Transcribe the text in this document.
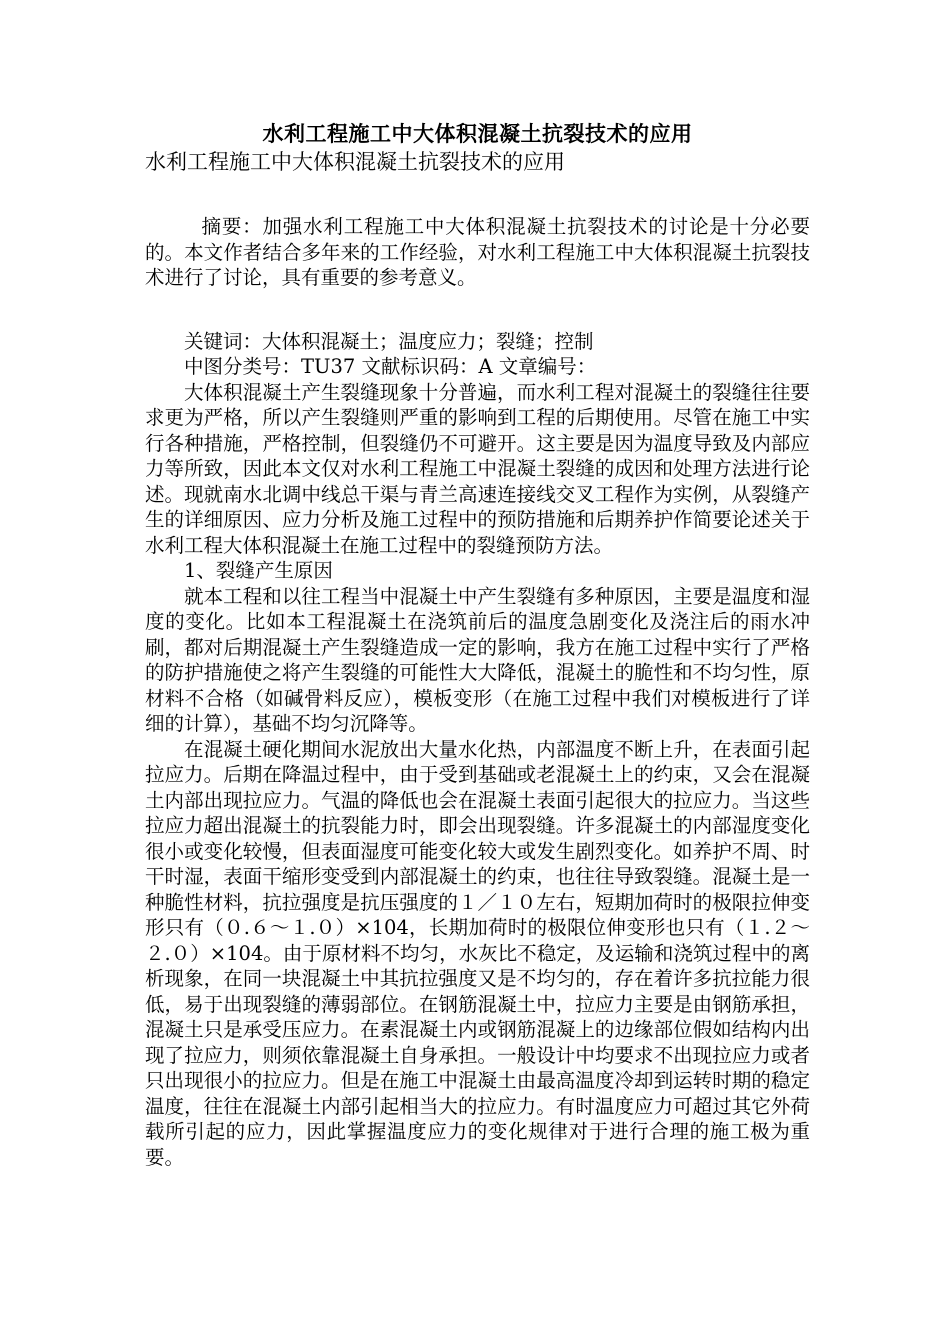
水利工程施工中大体积混凝土抗裂技术的应用

水利工程施工中大体积混凝土抗裂技术的应用

摘要：加强水利工程施工中大体积混凝土抗裂技术的讨论是十分必要的。本文作者结合多年来的工作经验，对水利工程施工中大体积混凝土抗裂技术进行了讨论，具有重要的参考意义。

关键词：大体积混凝土；温度应力；裂缝；控制

中图分类号：TU37 文献标识码：A 文章编号：

大体积混凝土产生裂缝现象十分普遍，而水利工程对混凝土的裂缝往往要求更为严格，所以产生裂缝则严重的影响到工程的后期使用。尽管在施工中实行各种措施，严格控制，但裂缝仍不可避开。这主要是因为温度导致及内部应力等所致，因此本文仅对水利工程施工中混凝土裂缝的成因和处理方法进行论述。现就南水北调中线总干渠与青兰高速连接线交叉工程作为实例，从裂缝产生的详细原因、应力分析及施工过程中的预防措施和后期养护作简要论述关于水利工程大体积混凝土在施工过程中的裂缝预防方法。

1、裂缝产生原因

就本工程和以往工程当中混凝土中产生裂缝有多种原因，主要是温度和湿度的变化。比如本工程混凝土在浇筑前后的温度急剧变化及浇注后的雨水冲刷，都对后期混凝土产生裂缝造成一定的影响，我方在施工过程中实行了严格的防护措施使之将产生裂缝的可能性大大降低，混凝土的脆性和不均匀性，原材料不合格（如碱骨料反应），模板变形（在施工过程中我们对模板进行了详细的计算），基础不均匀沉降等。

在混凝土硬化期间水泥放出大量水化热，内部温度不断上升，在表面引起拉应力。后期在降温过程中，由于受到基础或老混凝土上的约束，又会在混凝土内部出现拉应力。气温的降低也会在混凝土表面引起很大的拉应力。当这些拉应力超出混凝土的抗裂能力时，即会出现裂缝。许多混凝土的内部湿度变化很小或变化较慢，但表面湿度可能变化较大或发生剧烈变化。如养护不周、时干时湿，表面干缩形变受到内部混凝土的约束，也往往导致裂缝。混凝土是一种脆性材料，抗拉强度是抗压强度的１／１０左右，短期加荷时的极限拉伸变形只有（０.６～１.０）×104，长期加荷时的极限位伸变形也只有（１.２～２.０）×104。由于原材料不均匀，水灰比不稳定，及运输和浇筑过程中的离析现象，在同一块混凝土中其抗拉强度又是不均匀的，存在着许多抗拉能力很低，易于出现裂缝的薄弱部位。在钢筋混凝土中，拉应力主要是由钢筋承担，混凝土只是承受压应力。在素混凝土内或钢筋混凝上的边缘部位假如结构内出现了拉应力，则须依靠混凝土自身承担。一般设计中均要求不出现拉应力或者只出现很小的拉应力。但是在施工中混凝土由最高温度冷却到运转时期的稳定温度，往往在混凝土内部引起相当大的拉应力。有时温度应力可超过其它外荷载所引起的应力，因此掌握温度应力的变化规律对于进行合理的施工极为重要。
